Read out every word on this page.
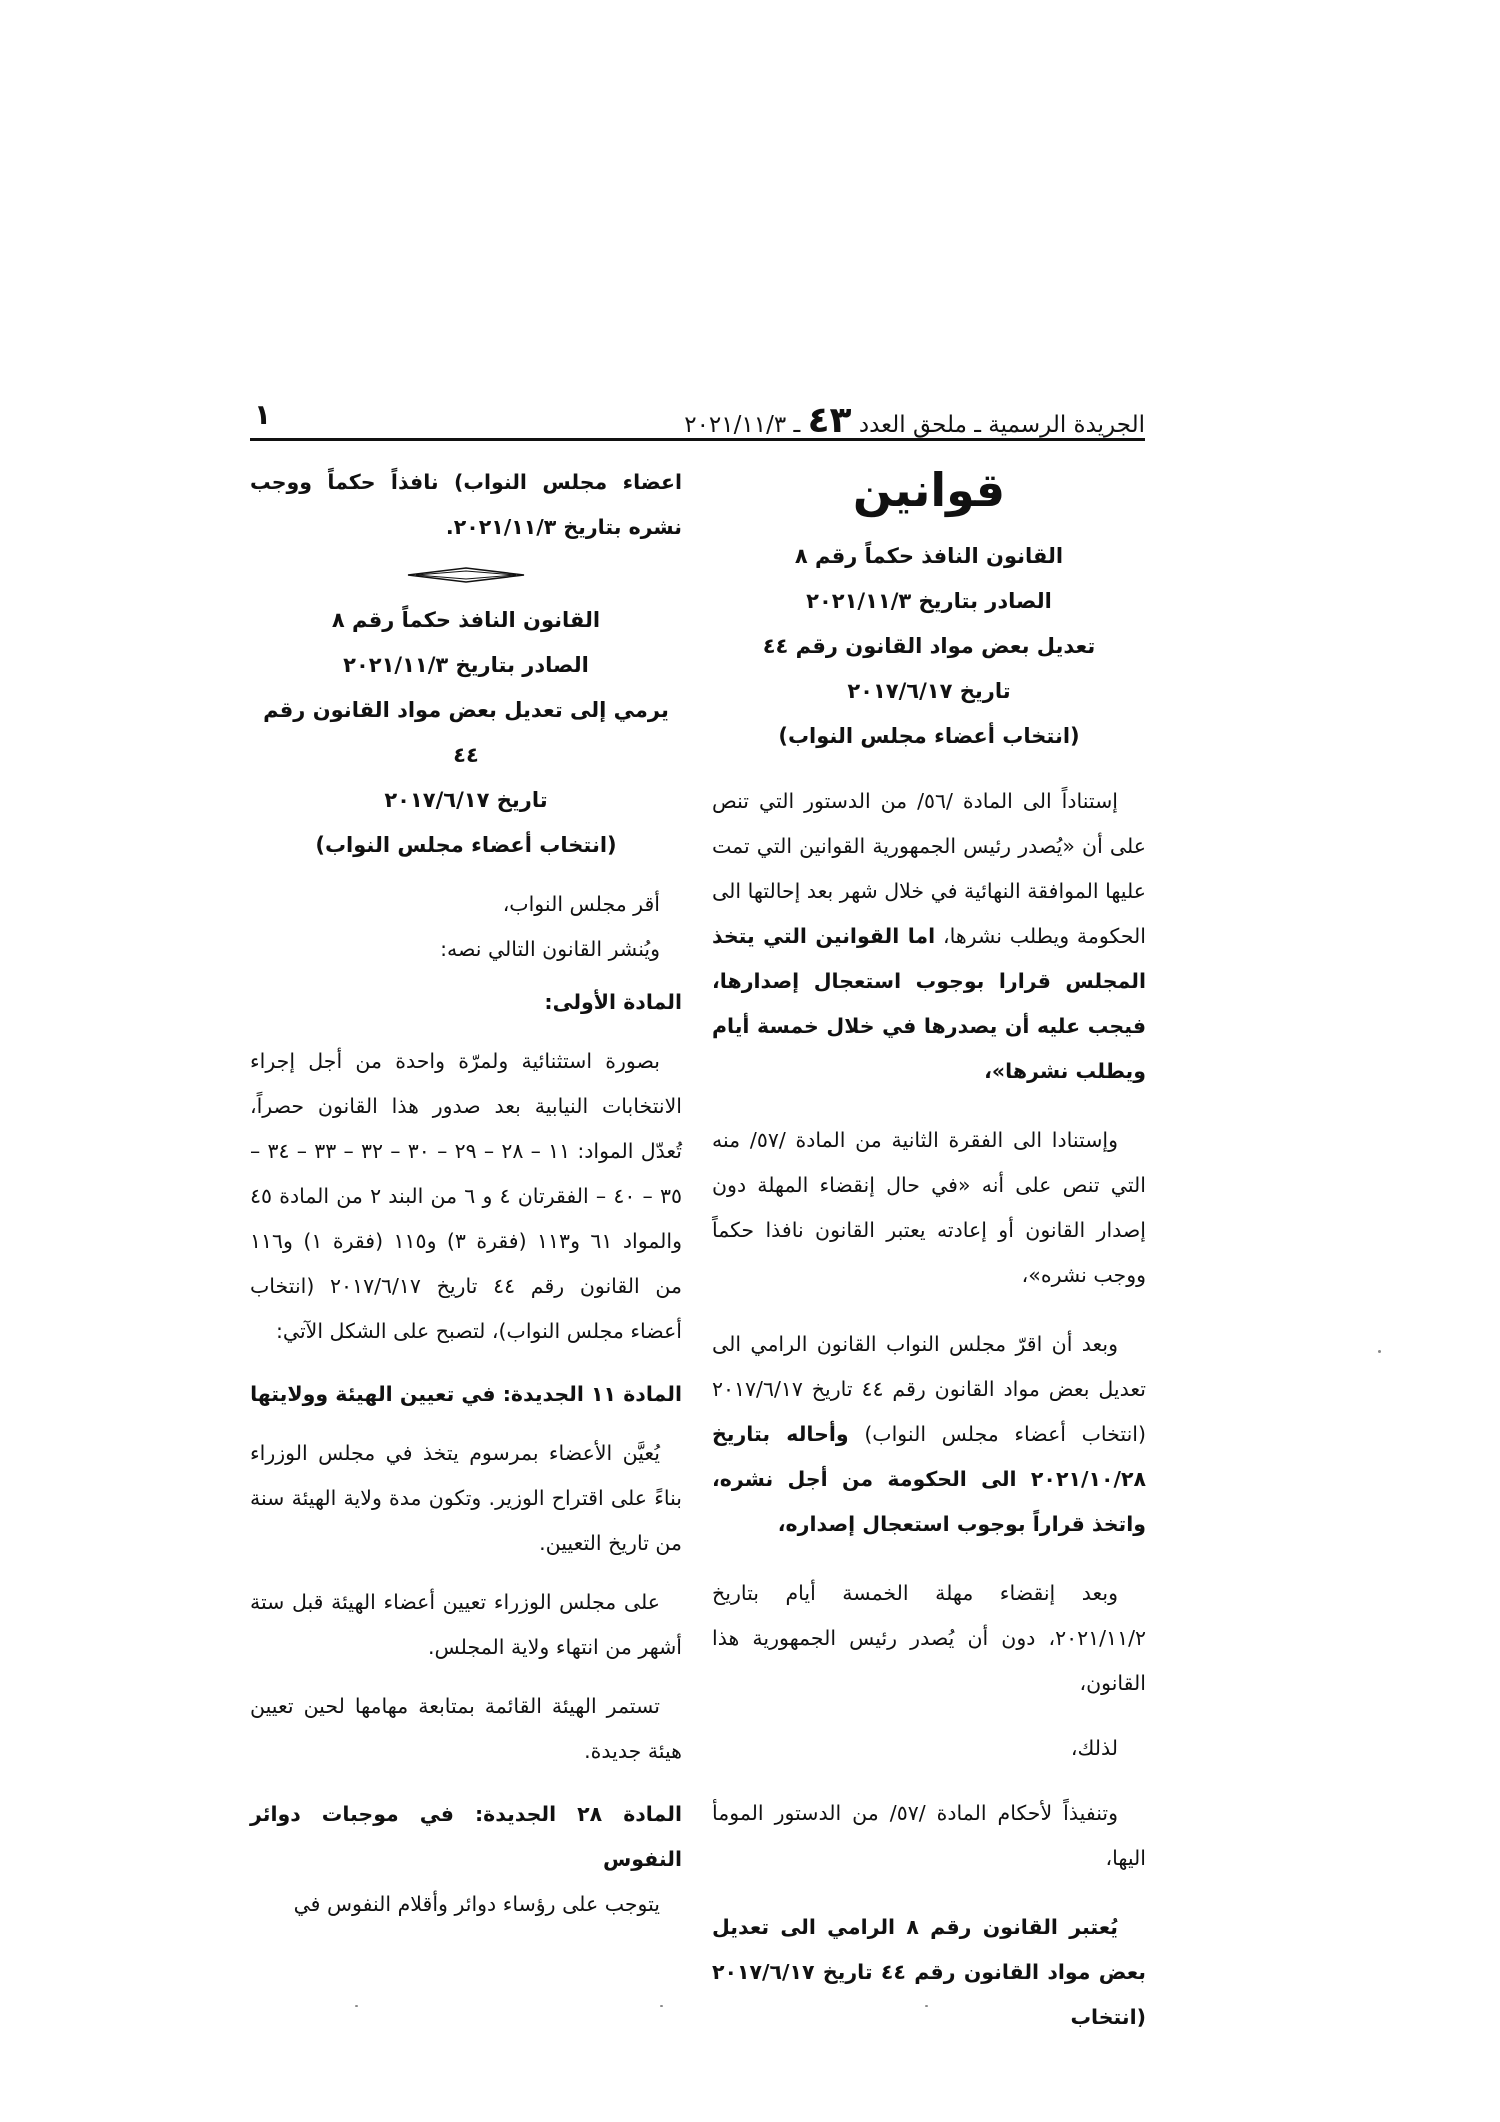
الجريدة الرسمية ـ ملحق العدد ٤٣ ـ ٢٠٢١/١١/٣
١

قوانين

القانون النافذ حكماً رقم ٨

الصادر بتاريخ ٢٠٢١/١١/٣

تعديل بعض مواد القانون رقم ٤٤

تاريخ ٢٠١٧/٦/١٧

(انتخاب أعضاء مجلس النواب)

إستناداً الى المادة /٥٦/ من الدستور التي تنص على أن «يُصدر رئيس الجمهورية القوانين التي تمت عليها الموافقة النهائية في خلال شهر بعد إحالتها الى الحكومة ويطلب نشرها، اما القوانين التي يتخذ المجلس قرارا بوجوب استعجال إصدارها، فيجب عليه أن يصدرها في خلال خمسة أيام ويطلب نشرها»،

وإستنادا الى الفقرة الثانية من المادة /٥٧/ منه التي تنص على أنه «في حال إنقضاء المهلة دون إصدار القانون أو إعادته يعتبر القانون نافذا حكماً ووجب نشره»،

وبعد أن اقرّ مجلس النواب القانون الرامي الى تعديل بعض مواد القانون رقم ٤٤ تاريخ ٢٠١٧/٦/١٧ (انتخاب أعضاء مجلس النواب) وأحاله بتاريخ ٢٠٢١/١٠/٢٨ الى الحكومة من أجل نشره، واتخذ قراراً بوجوب استعجال إصداره،

وبعد إنقضاء مهلة الخمسة أيام بتاريخ ٢٠٢١/١١/٢، دون أن يُصدر رئيس الجمهورية هذا القانون،

لذلك،

وتنفيذاً لأحكام المادة /٥٧/ من الدستور المومأ اليها،

يُعتبر القانون رقم ٨ الرامي الى تعديل بعض مواد القانون رقم ٤٤ تاريخ ٢٠١٧/٦/١٧ (انتخاب

اعضاء مجلس النواب) نافذاً حكماً ووجب نشره بتاريخ ٢٠٢١/١١/٣.

القانون النافذ حكماً رقم ٨

الصادر بتاريخ ٢٠٢١/١١/٣

يرمي إلى تعديل بعض مواد القانون رقم ٤٤

تاريخ ٢٠١٧/٦/١٧

(انتخاب أعضاء مجلس النواب)

أقر مجلس النواب،

ويُنشر القانون التالي نصه:

المادة الأولى:

بصورة استثنائية ولمرّة واحدة من أجل إجراء الانتخابات النيابية بعد صدور هذا القانون حصراً، تُعدّل المواد: ١١ – ٢٨ – ٢٩ – ٣٠ – ٣٢ – ٣٣ – ٣٤ – ٣٥ – ٤٠ – الفقرتان ٤ و ٦ من البند ٢ من المادة ٤٥ والمواد ٦١ و١١٣ (فقرة ٣) و١١٥ (فقرة ١) و١١٦ من القانون رقم ٤٤ تاريخ ٢٠١٧/٦/١٧ (انتخاب أعضاء مجلس النواب)، لتصبح على الشكل الآتي:

المادة ١١ الجديدة: في تعيين الهيئة وولايتها

يُعيَّن الأعضاء بمرسوم يتخذ في مجلس الوزراء بناءً على اقتراح الوزير. وتكون مدة ولاية الهيئة سنة من تاريخ التعيين.

على مجلس الوزراء تعيين أعضاء الهيئة قبل ستة أشهر من انتهاء ولاية المجلس.

تستمر الهيئة القائمة بمتابعة مهامها لحين تعيين هيئة جديدة.

المادة ٢٨ الجديدة: في موجبات دوائر النفوس

يتوجب على رؤساء دوائر وأقلام النفوس في
